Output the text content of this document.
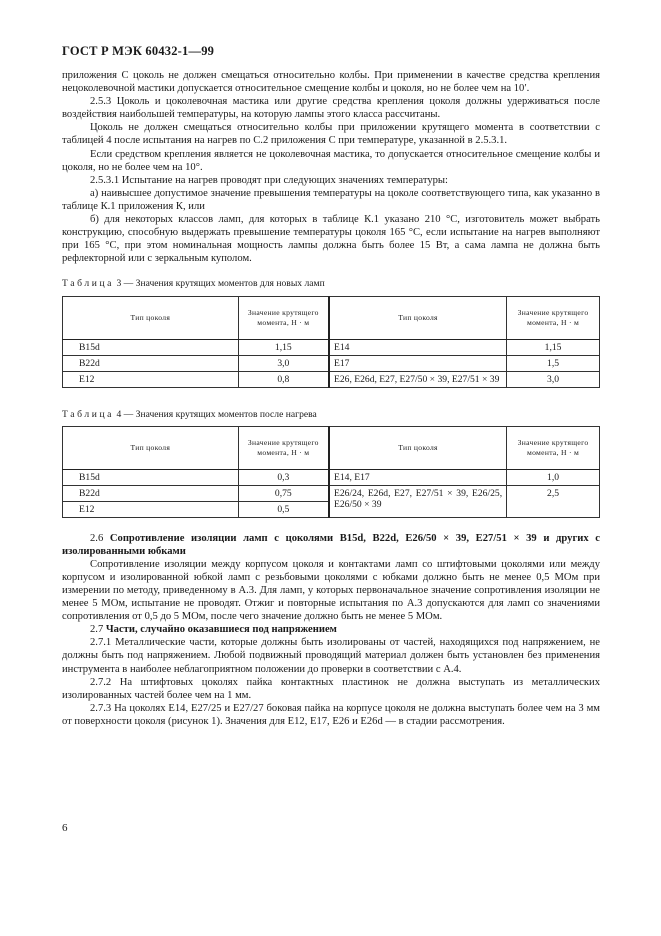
ГОСТ Р МЭК 60432-1—99

приложения С цоколь не должен смещаться относительно колбы. При применении в качестве средства крепления нецоколевочной мастики допускается относительное смещение колбы и цоколя, но не более чем на 10ʹ.

2.5.3 Цоколь и цоколевочная мастика или другие средства крепления цоколя должны удерживаться после воздействия наибольшей температуры, на которую лампы этого класса рассчитаны.

Цоколь не должен смещаться относительно колбы при приложении крутящего момента в соответствии с таблицей 4 после испытания на нагрев по С.2 приложения С при температуре, указанной в 2.5.3.1.

Если средством крепления является не цоколевочная мастика, то допускается относительное смещение колбы и цоколя, но не более чем на 10°.

2.5.3.1 Испытание на нагрев проводят при следующих значениях температуры:

а) наивысшее допустимое значение превышения температуры на цоколе соответствующего типа, как указанно в таблице К.1 приложения К, или

б) для некоторых классов ламп, для которых в таблице К.1 указано 210 °С, изготовитель может выбрать конструкцию, способную выдержать превышение температуры цоколя 165 °С, если испытание на нагрев выполняют при 165 °С, при этом номинальная мощность лампы должна быть более 15 Вт, а сама лампа не должна быть рефлекторной или с зеркальным куполом.

Таблица 3 — Значения крутящих моментов для новых ламп
Тип цоколя	Значение крутящего момента, Н · м	Тип цоколя	Значение крутящего момента, Н · м
B15d	1,15	E14	1,15
B22d	3,0	E17	1,5
E12	0,8	E26, E26d, E27, E27/50 × 39, E27/51 × 39	3,0
Таблица 4 — Значения крутящих моментов после нагрева
Тип цоколя	Значение крутящего момента, Н · м	Тип цоколя	Значение крутящего момента, Н · м
B15d	0,3	E14, E17	1,0
B22d	0,75	E26/24, E26d, E27, E27/51 × 39, E26/25, E26/50 × 39	2,5
E12	0,5		

2.6 Сопротивление изоляции ламп с цоколями B15d, B22d, E26/50 × 39, E27/51 × 39 и других с изолированными юбками

Сопротивление изоляции между корпусом цоколя и контактами ламп со штифтовыми цоколями или между корпусом и изолированной юбкой ламп с резьбовыми цоколями с юбками должно быть не менее 0,5 МОм при измерении по методу, приведенному в А.3. Для ламп, у которых первоначальное значение сопротивления изоляции не менее 5 МОм, испытание не проводят. Отжиг и повторные испытания по А.3 допускаются для ламп со значениями сопротивления от 0,5 до 5 МОм, после чего значение должно быть не менее 5 МОм.

2.7 Части, случайно оказавшиеся под напряжением

2.7.1 Металлические части, которые должны быть изолированы от частей, находящихся под напряжением, не должны быть под напряжением. Любой подвижный проводящий материал должен быть установлен без применения инструмента в наиболее неблагоприятном положении до проверки в соответствии с А.4.

2.7.2 На штифтовых цоколях пайка контактных пластинок не должна выступать из металлических изолированных частей более чем на 1 мм.

2.7.3 На цоколях E14, E27/25 и E27/27 боковая пайка на корпусе цоколя не должна выступать более чем на 3 мм от поверхности цоколя (рисунок 1). Значения для E12, E17, E26 и E26d — в стадии рассмотрения.

6
